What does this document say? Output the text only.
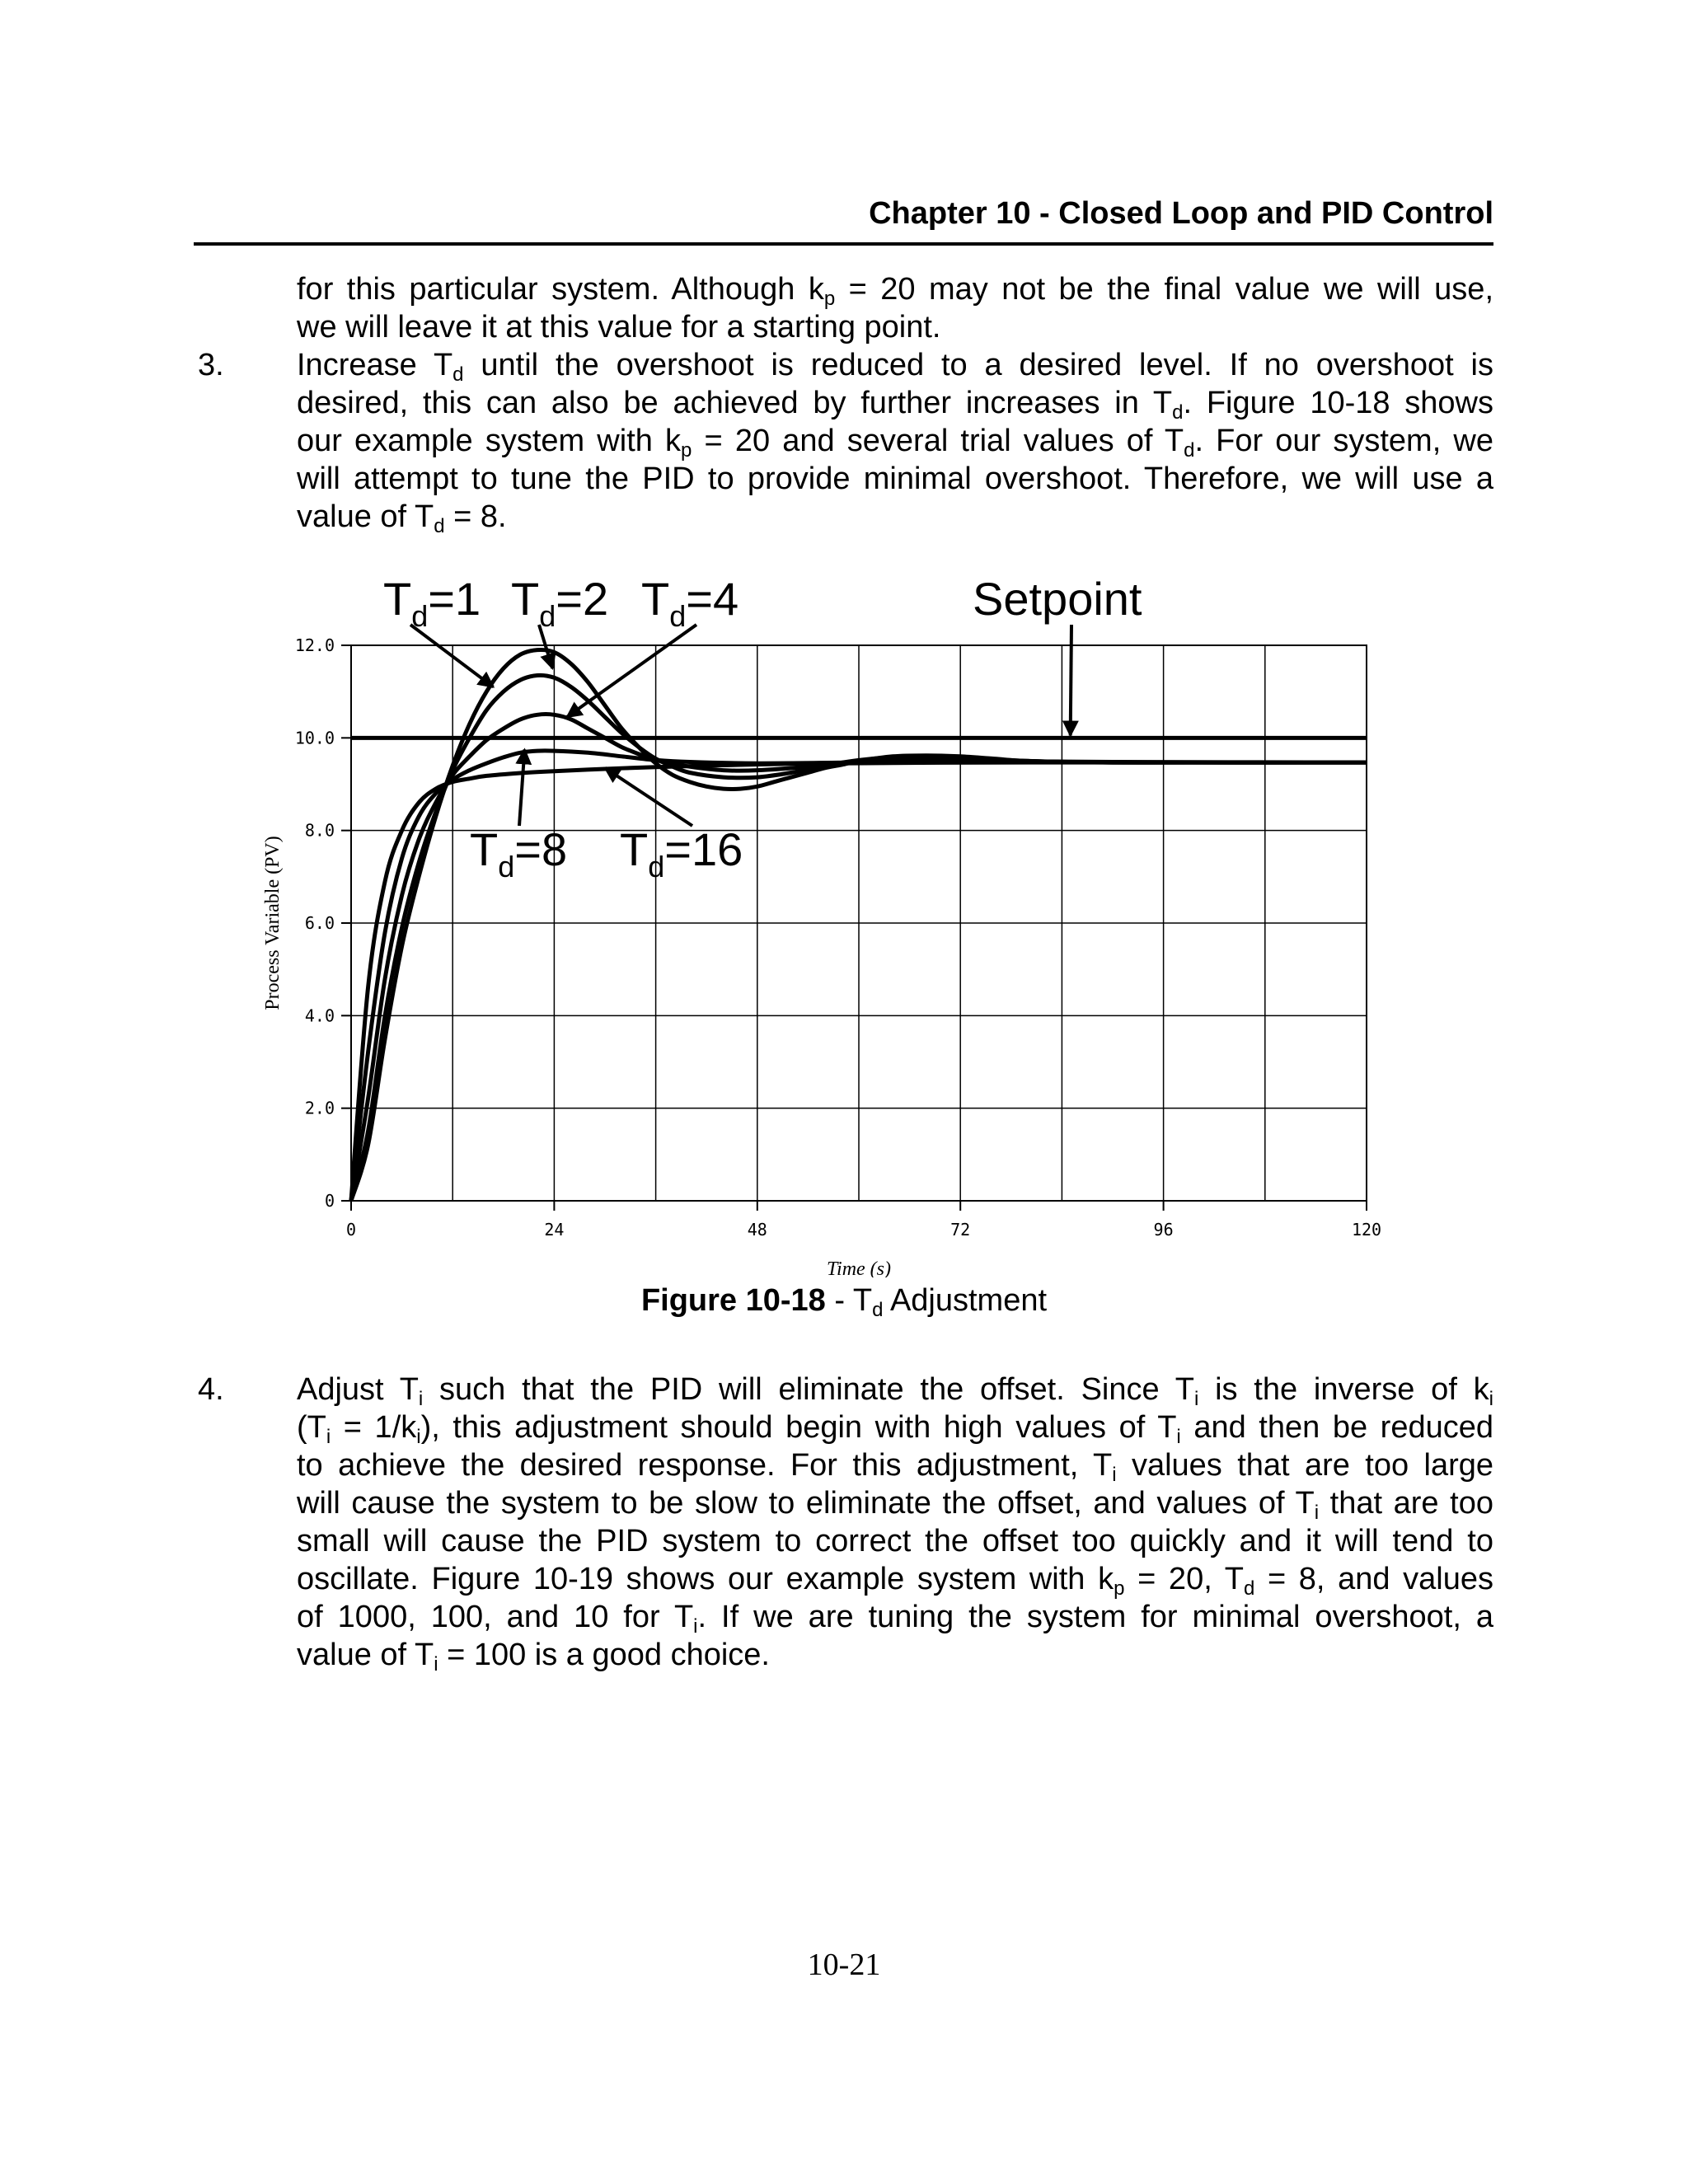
Chapter 10 - Closed Loop and PID Control
for this particular system. Although $k_p = 20$ may not be the final value we will use,
we will leave it at this value for a starting point.
3. Increase $T_d$ until the overshoot is reduced to a desired level. If no overshoot is
desired, this can also be achieved by further increases in $T_d$. Figure 10-18 shows
our example system with $k_p = 20$ and several trial values of $T_d$. For our system, we
will attempt to tune the PID to provide minimal overshoot. Therefore, we will use a
value of $T_d = 8$.
0
2.0
4.0
6.0
8.0
10.0
12.0
0	24	48	72	96	120
Time (s)
Process Variable (PV)
$T_d=1$ $T_d=2$ $T_d=4$
$T_d=8$ $T_d=16$
Setpoint
Figure $10-18 - T_d$ Adjustment
4. Adjust $T_i$ such that the PID will eliminate the offset. Since $T_i$ is the inverse of $k_i$
$(T_i = 1/k_i)$, this adjustment should begin with high values of $T_i$ and then be reduced
to achieve the desired response. For this adjustment, $T_i$ values that are too large
will cause the system to be slow to eliminate the offset, and values of $T_i$ that are too
small will cause the PID system to correct the offset too quickly and it will tend to
oscillate. Figure 10-19 shows our example system with $k_p = 20$, $T_d = 8$, and values
of 1000, 100, and 10 for $T_i$. If we are tuning the system for minimal overshoot, a
value of $T_i = 100$ is a good choice.
10-21
